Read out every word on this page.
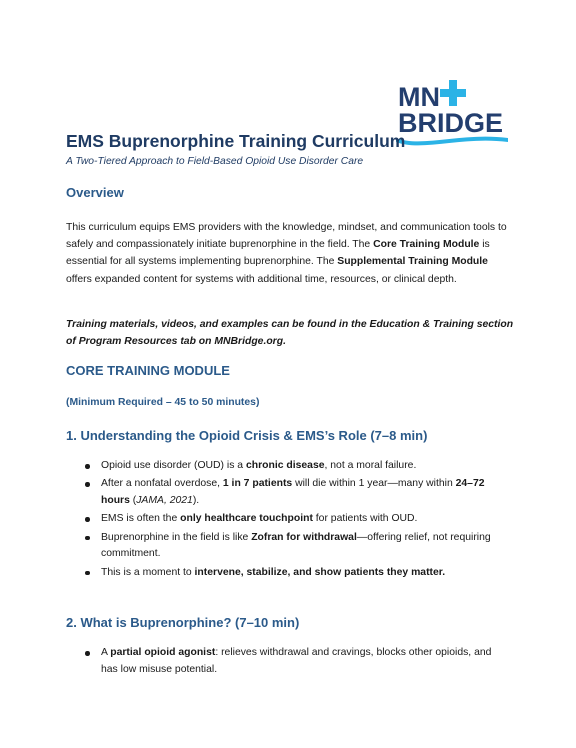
MN
BRIDGE
EMS Buprenorphine Training Curriculum
A Two-Tiered Approach to Field-Based Opioid Use Disorder Care
Overview
This curriculum equips EMS providers with the knowledge, mindset, and communication tools to safely and compassionately initiate buprenorphine in the field. The Core Training Module is essential for all systems implementing buprenorphine. The Supplemental Training Module offers expanded content for systems with additional time, resources, or clinical depth.
Training materials, videos, and examples can be found in the Education & Training section of Program Resources tab on MNBridge.org.
CORE TRAINING MODULE
(Minimum Required – 45 to 50 minutes)
1. Understanding the Opioid Crisis & EMS’s Role (7–8 min)
Opioid use disorder (OUD) is a chronic disease, not a moral failure.
After a nonfatal overdose, 1 in 7 patients will die within 1 year—many within 24–72 hours (JAMA, 2021).
EMS is often the only healthcare touchpoint for patients with OUD.
Buprenorphine in the field is like Zofran for withdrawal—offering relief, not requiring commitment.
This is a moment to intervene, stabilize, and show patients they matter.
2. What is Buprenorphine? (7–10 min)
A partial opioid agonist: relieves withdrawal and cravings, blocks other opioids, and has low misuse potential.
